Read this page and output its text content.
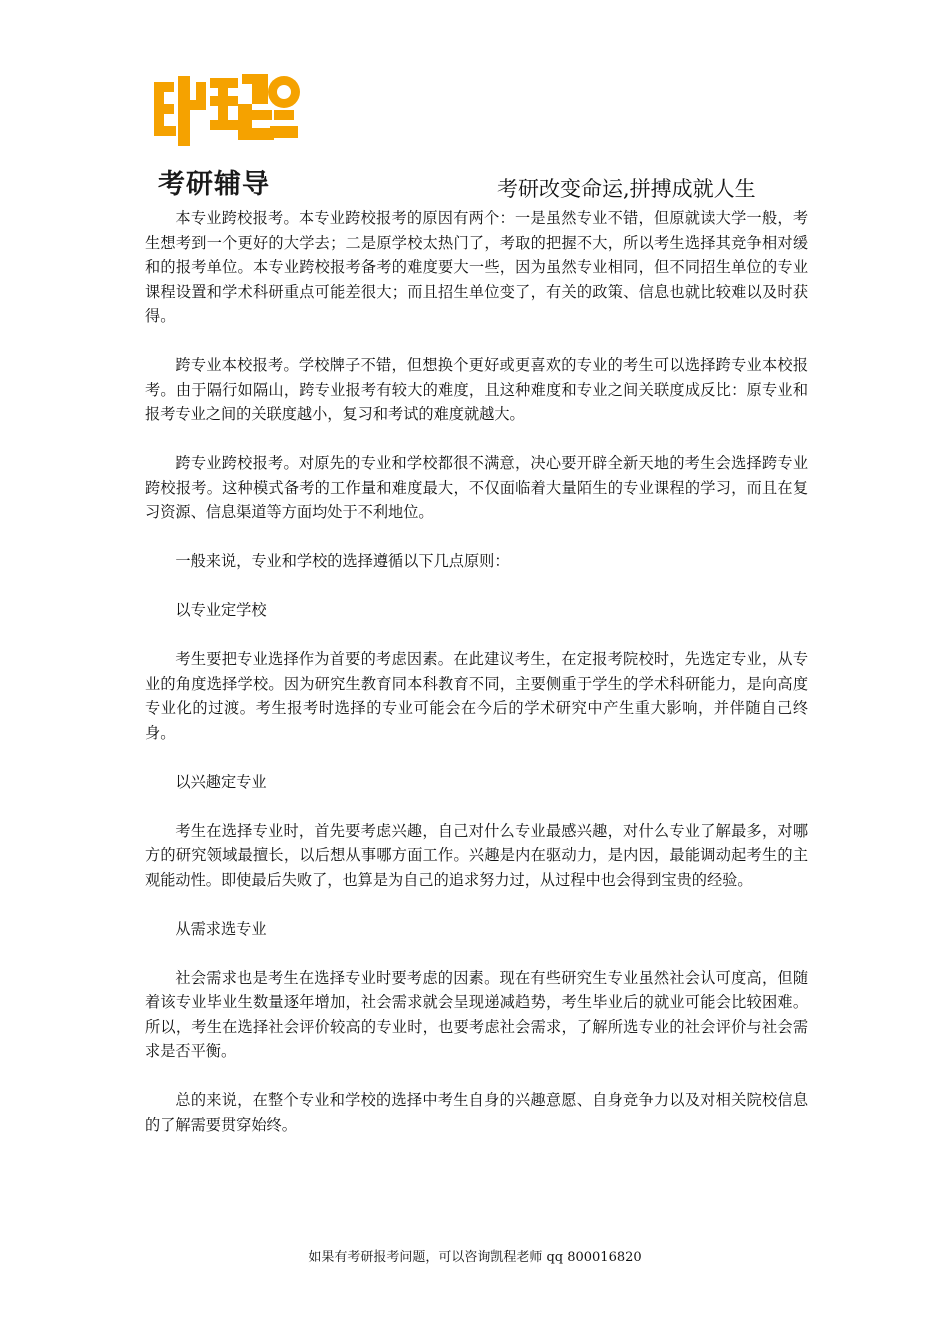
考研辅导	考研改变命运,拼搏成就人生

本专业跨校报考。本专业跨校报考的原因有两个：一是虽然专业不错，但原就读大学一般，考生想考到一个更好的大学去；二是原学校太热门了，考取的把握不大，所以考生选择其竞争相对缓和的报考单位。本专业跨校报考备考的难度要大一些，因为虽然专业相同，但不同招生单位的专业课程设置和学术科研重点可能差很大；而且招生单位变了，有关的政策、信息也就比较难以及时获得。

跨专业本校报考。学校牌子不错，但想换个更好或更喜欢的专业的考生可以选择跨专业本校报考。由于隔行如隔山，跨专业报考有较大的难度，且这种难度和专业之间关联度成反比：原专业和报考专业之间的关联度越小，复习和考试的难度就越大。

跨专业跨校报考。对原先的专业和学校都很不满意，决心要开辟全新天地的考生会选择跨专业跨校报考。这种模式备考的工作量和难度最大，不仅面临着大量陌生的专业课程的学习，而且在复习资源、信息渠道等方面均处于不利地位。

一般来说，专业和学校的选择遵循以下几点原则：

以专业定学校

考生要把专业选择作为首要的考虑因素。在此建议考生，在定报考院校时，先选定专业，从专业的角度选择学校。因为研究生教育同本科教育不同，主要侧重于学生的学术科研能力，是向高度专业化的过渡。考生报考时选择的专业可能会在今后的学术研究中产生重大影响，并伴随自己终身。

以兴趣定专业

考生在选择专业时，首先要考虑兴趣，自己对什么专业最感兴趣，对什么专业了解最多，对哪方的研究领域最擅长，以后想从事哪方面工作。兴趣是内在驱动力，是内因，最能调动起考生的主观能动性。即使最后失败了，也算是为自己的追求努力过，从过程中也会得到宝贵的经验。

从需求选专业

社会需求也是考生在选择专业时要考虑的因素。现在有些研究生专业虽然社会认可度高，但随着该专业毕业生数量逐年增加，社会需求就会呈现递减趋势，考生毕业后的就业可能会比较困难。所以，考生在选择社会评价较高的专业时，也要考虑社会需求，了解所选专业的社会评价与社会需求是否平衡。

总的来说，在整个专业和学校的选择中考生自身的兴趣意愿、自身竞争力以及对相关院校信息的了解需要贯穿始终。

如果有考研报考问题，可以咨询凯程老师 qq 800016820
